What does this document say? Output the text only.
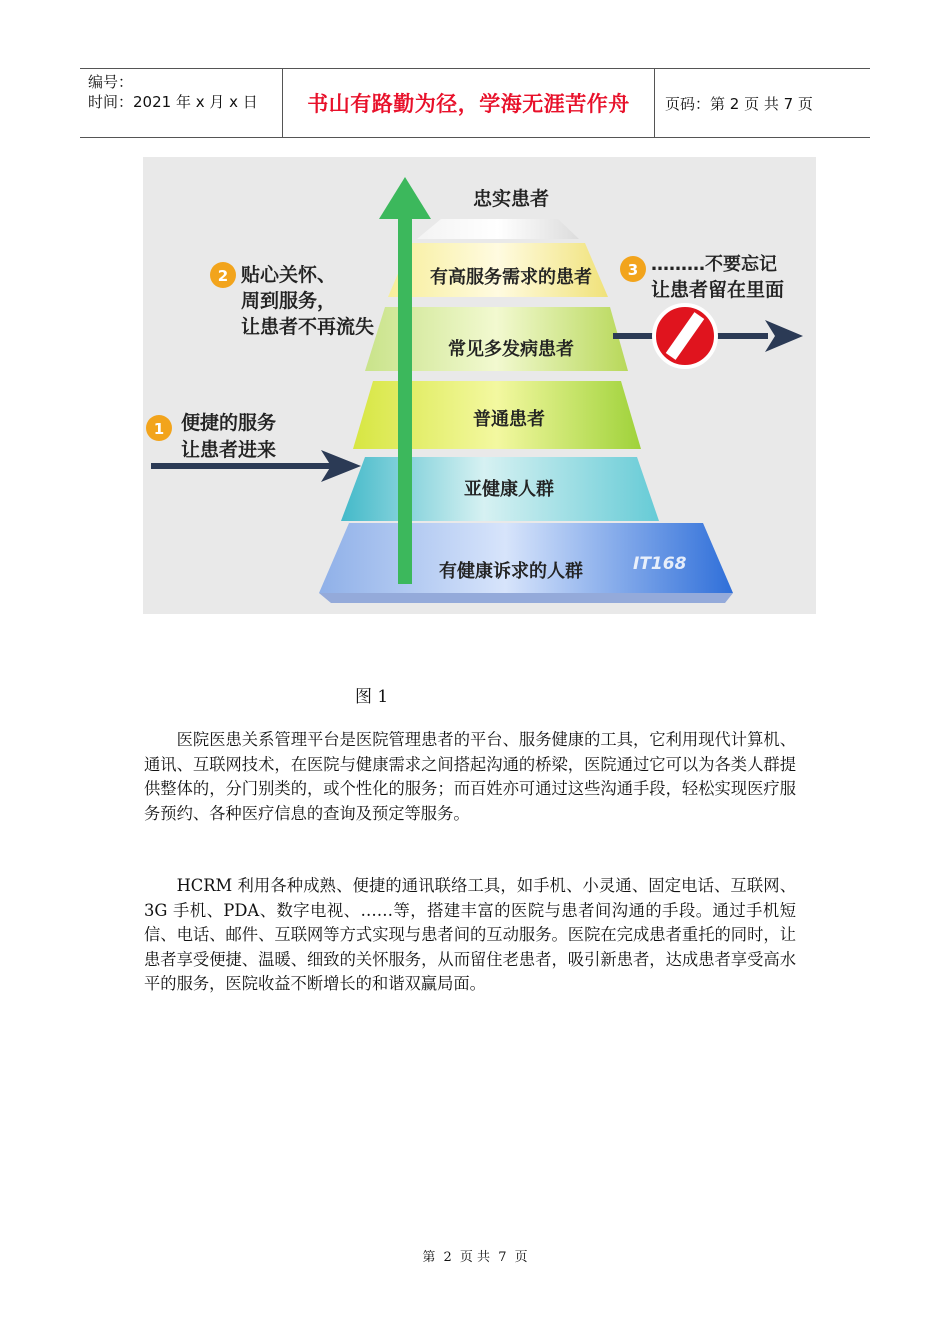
编号：
时间：2021 年 x 月 x 日	书山有路勤为径，学海无涯苦作舟 页码：第 2 页 共 7 页
忠实患者
有高服务需求的患者
常见多发病患者
普通患者
亚健康人群
有健康诉求的人群
1 便捷的服务
让患者进来
2 贴心关怀、
周到服务，
让患者不再流失
3 ………不要忘记
让患者留在里面
IT168
图 1

医院医患关系管理平台是医院管理患者的平台、服务健康的工具，它利用现代计算机、通讯、互联网技术，在医院与健康需求之间搭起沟通的桥梁，医院通过它可以为各类人群提供整体的，分门别类的，或个性化的服务；而百姓亦可通过这些沟通手段，轻松实现医疗服务预约、各种医疗信息的查询及预定等服务。

HCRM 利用各种成熟、便捷的通讯联络工具，如手机、小灵通、固定电话、互联网、3G 手机、PDA、数字电视、……等，搭建丰富的医院与患者间沟通的手段。通过手机短信、电话、邮件、互联网等方式实现与患者间的互动服务。医院在完成患者重托的同时，让患者享受便捷、温暖、细致的关怀服务，从而留住老患者，吸引新患者，达成患者享受高水平的服务，医院收益不断增长的和谐双赢局面。

第 2 页 共 7 页
